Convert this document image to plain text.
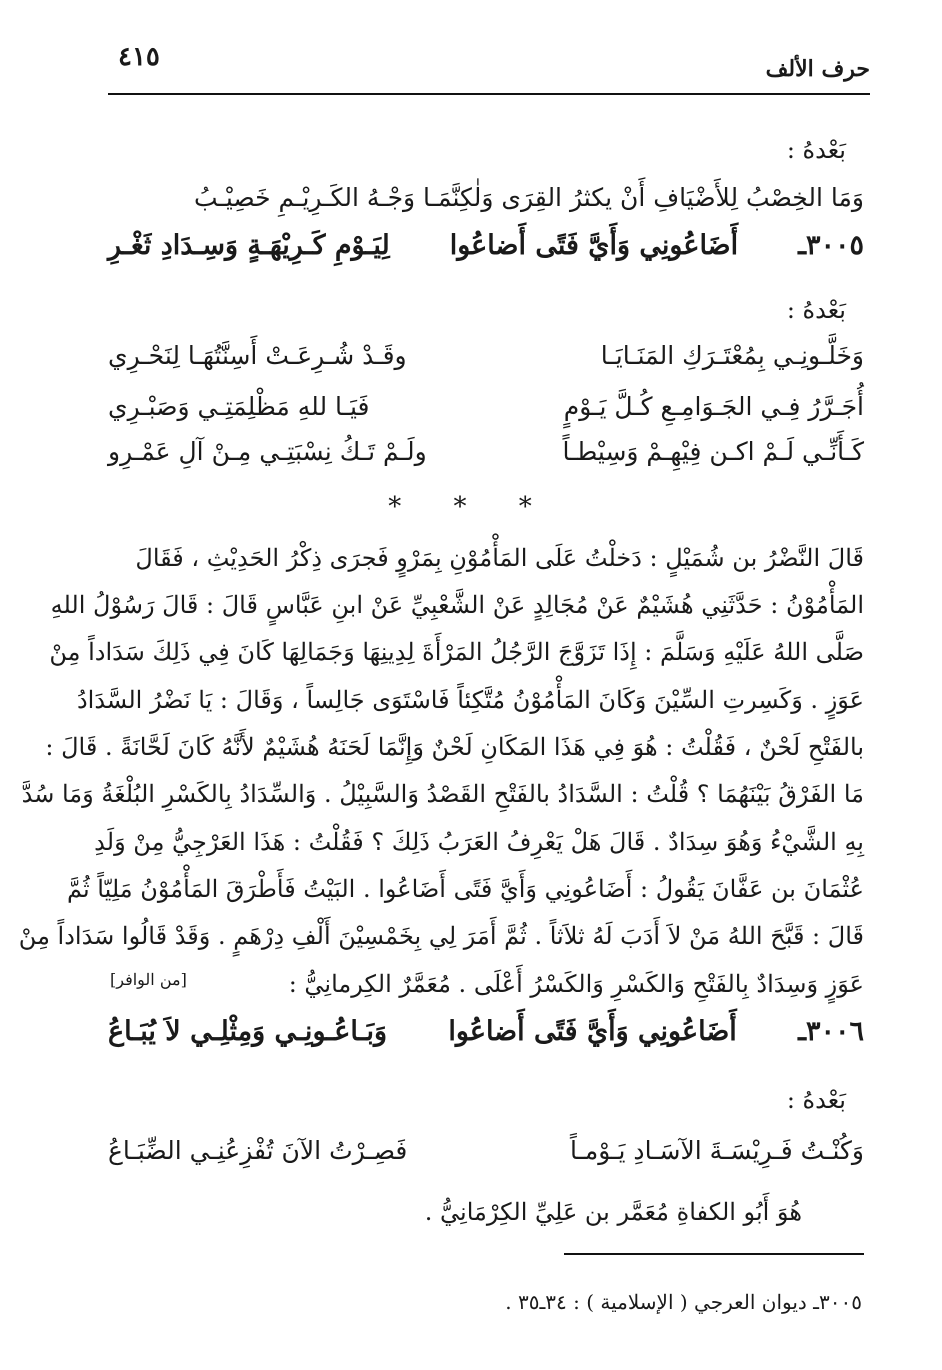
حرف الألف
٤١٥
بَعْدهُ :
وَمَا الخِصْبُ لِلأَضْيَافِ أَنْ يكثرُ القِرَى وَلٰكِنَّمَـا وَجْـهُ الكَـرِيْـمِ خَصِيْـبُ
٣٠٠٥ـ
أَضَاعُونِي وَأَيَّ فَتًى أَضاعُوا
لِيَـوْمِ كَـرِيْهَـةٍ وَسِـدَادِ ثَغْـرِ
بَعْدهُ :
وَخَلَّـونِـي بِمُعْتَـرَكِ المَنَـايَـا
وقَـدْ شُـرِعَـتْ أَسِنَّتُهَـا لِنَحْـرِي
أُجَـرَّرُ فِـي الجَـوَامِـعِ كُـلَّ يَـوْمٍ
فَيَـا للهِ مَظْلِمَتِـي وَصَبْـرِي
كَـأَنِّـي لَـمْ اكـن فِيْهِـمْ وَسِيْطـاً
ولَـمْ تَـكُ نِسْبَتِـي مِـنْ آلِ عَمْـرِو
* * *
قَالَ النَّضْرُ بن شُمَيْلٍ : دَخلْتُ عَلَى المَأْمُوْنِ بِمَرْوٍ فَجرَى ذِكْرُ الحَدِيْثِ ، فَقَالَ
المَأْمُوْنُ : حَدَّثَنِي هُشَيْمٌ عَنْ مُجَالِدٍ عَنْ الشَّعْبِيِّ عَنْ ابنِ عَبَّاسٍ قَالَ : قَالَ رَسُوْلُ اللهِ
صَلَّى اللهُ عَلَيْهِ وَسَلَّمَ : إِذَا تَزَوَّجَ الرَّجُلُ المَرْأَةَ لِدِينِهَا وَجَمَالِهَا كَانَ فِي ذَلِكَ سَدَاداً مِنْ
عَوَزٍ . وَكَسِرتِ السِّيْنَ وَكَانَ المَأْمُوْنُ مُتَّكِئاً فَاسْتَوَى جَالِساً ، وَقَالَ : يَا نَضْرُ السَّدَادُ
بالفَتْحِ لَحْنٌ ، فَقُلْتُ : هُوَ فِي هَذَا المَكَانِ لَحْنٌ وَإِنَّمَا لَحَنَهُ هُشَيْمٌ لأَنَّهُ كَانَ لَحَّانَةً . قَالَ :
مَا الفَرْقُ بَيْنَهُمَا ؟ قُلْتُ : السَّدَادُ بالفَتْحِ القَصْدُ وَالسَّبِيْلُ . وَالسِّدَادُ بِالكَسْرِ البُلْغَةُ وَمَا سُدَّ
بِهِ الشَّيْءُ وَهُوَ سِدَادٌ . قَالَ هَلْ يَعْرِفُ العَرَبُ ذَلِكَ ؟ فَقُلْتُ : هَذَا العَرْجِيُّ مِنْ وَلَدِ
عُثْمَانَ بن عَفَّانَ يَقُولُ : أَضَاعُونِي وَأَيَّ فَتًى أَضَاعُوا . البَيْتُ فَأَطْرَقَ المَأْمُوْنُ مَلِيّاً ثُمَّ
قَالَ : قَبَّحَ اللهُ مَنْ لاَ أَدَبَ لَهُ ثلاَثاً . ثُمَّ أَمَرَ لِي بِخَمْسِيْنَ أَلْفِ دِرْهَمٍ . وَقَدْ قَالُوا سَدَاداً مِنْ
عَوَزٍ وَسِدَادٌ بِالفَتْحِ وَالكَسْرِ وَالكَسْرُ أَعْلَى . مُعَمَّرٌ الكِرمانِيُّ :
[من الوافر]
٣٠٠٦ـ
أَضَاعُونِي وَأَيَّ فَتًى أَضاعُوا
وَبَـاعُـونِـي وَمِثْلِـي لاَ يُبَـاعُ
بَعْدهُ :
وَكُنْـتُ فَـرِيْسَـةَ الآسَـادِ يَـوْمـاً
فَصِـرْتُ الآنَ تُفْزِعُنِـي الضِّبَـاعُ
هُوَ أَبُو الكفاةِ مُعَمَّر بن عَلِيِّ الكِرْمَانِيُّ .
٣٠٠٥ـ ديوان العرجي ( الإسلامية ) : ٣٤ـ٣٥ .
